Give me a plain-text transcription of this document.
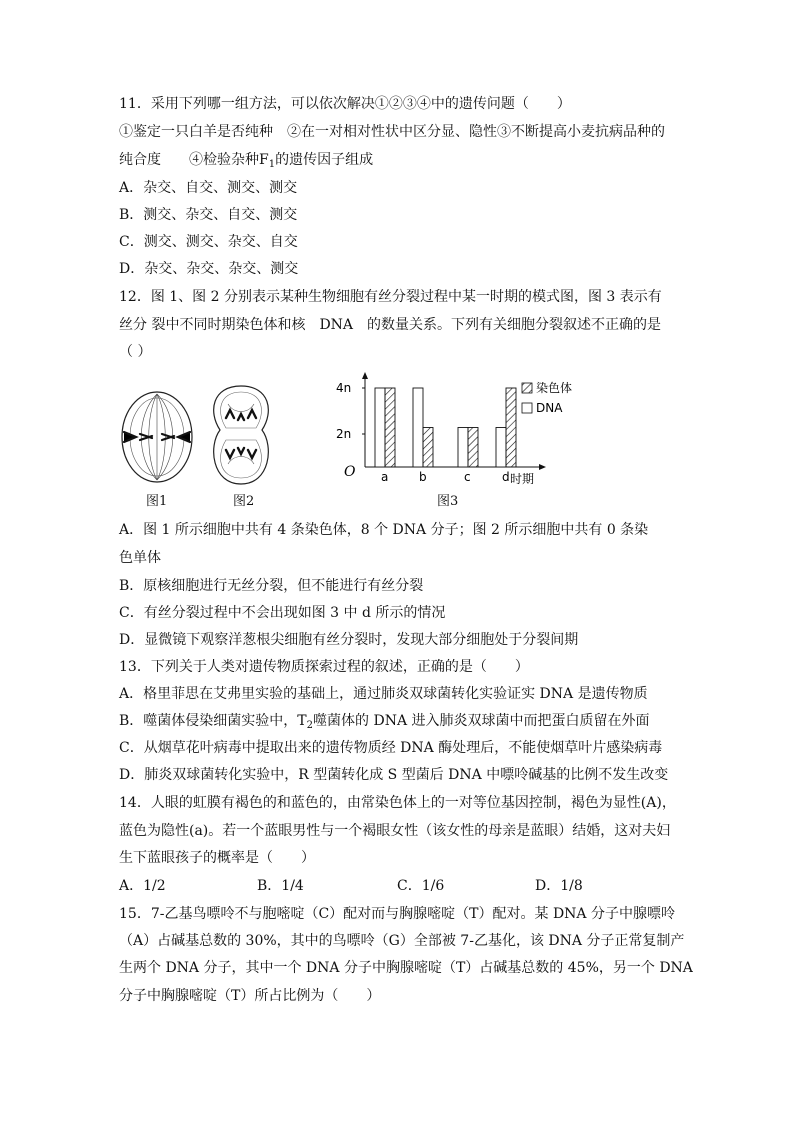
11．采用下列哪一组方法，可以依次解决①②③④中的遗传问题（　　）
①鉴定一只白羊是否纯种　②在一对相对性状中区分显、隐性③不断提高小麦抗病品种的
纯合度　　④检验杂种$F_1$的遗传因子组成
A．杂交、自交、测交、测交
B．测交、杂交、自交、测交
C．测交、测交、杂交、自交
D．杂交、杂交、杂交、测交
12．图 1、图 2 分别表示某种生物细胞有丝分裂过程中某一时期的模式图，图 3 表示有
丝分 裂中不同时期染色体和核　DNA　的数量关系。下列有关细胞分裂叙述不正确的是
（ ）
图1	图2
O
4n
2n
a	b	c	d 时期
染色体
DNA
图3
A．图 1 所示细胞中共有 4 条染色体，8 个 DNA 分子；图 2 所示细胞中共有 0 条染
色单体
B．原核细胞进行无丝分裂，但不能进行有丝分裂
C．有丝分裂过程中不会出现如图 3 中 d 所示的情况
D．显微镜下观察洋葱根尖细胞有丝分裂时，发现大部分细胞处于分裂间期
13．下列关于人类对遗传物质探索过程的叙述，正确的是（　　）
A．格里菲思在艾弗里实验的基础上，通过肺炎双球菌转化实验证实 DNA 是遗传物质
B．噬菌体侵染细菌实验中，$T_2$噬菌体的 DNA 进入肺炎双球菌中而把蛋白质留在外面
C．从烟草花叶病毒中提取出来的遗传物质经 DNA 酶处理后，不能使烟草叶片感染病毒
D．肺炎双球菌转化实验中，R 型菌转化成 S 型菌后 DNA 中嘌呤碱基的比例不发生改变
14．人眼的虹膜有褐色的和蓝色的，由常染色体上的一对等位基因控制，褐色为显性(A)，
蓝色为隐性(a)。若一个蓝眼男性与一个褐眼女性（该女性的母亲是蓝眼）结婚，这对夫妇
生下蓝眼孩子的概率是（　　）
A．1/2	B．1/4	C．1/6	D．1/8
15．7-乙基鸟嘌呤不与胞嘧啶（C）配对而与胸腺嘧啶（T）配对。某 DNA 分子中腺嘌呤
（A）占碱基总数的 30%，其中的鸟嘌呤（G）全部被 7-乙基化，该 DNA 分子正常复制产
生两个 DNA 分子，其中一个 DNA 分子中胸腺嘧啶（T）占碱基总数的 45%，另一个 DNA
分子中胸腺嘧啶（T）所占比例为（　　）
